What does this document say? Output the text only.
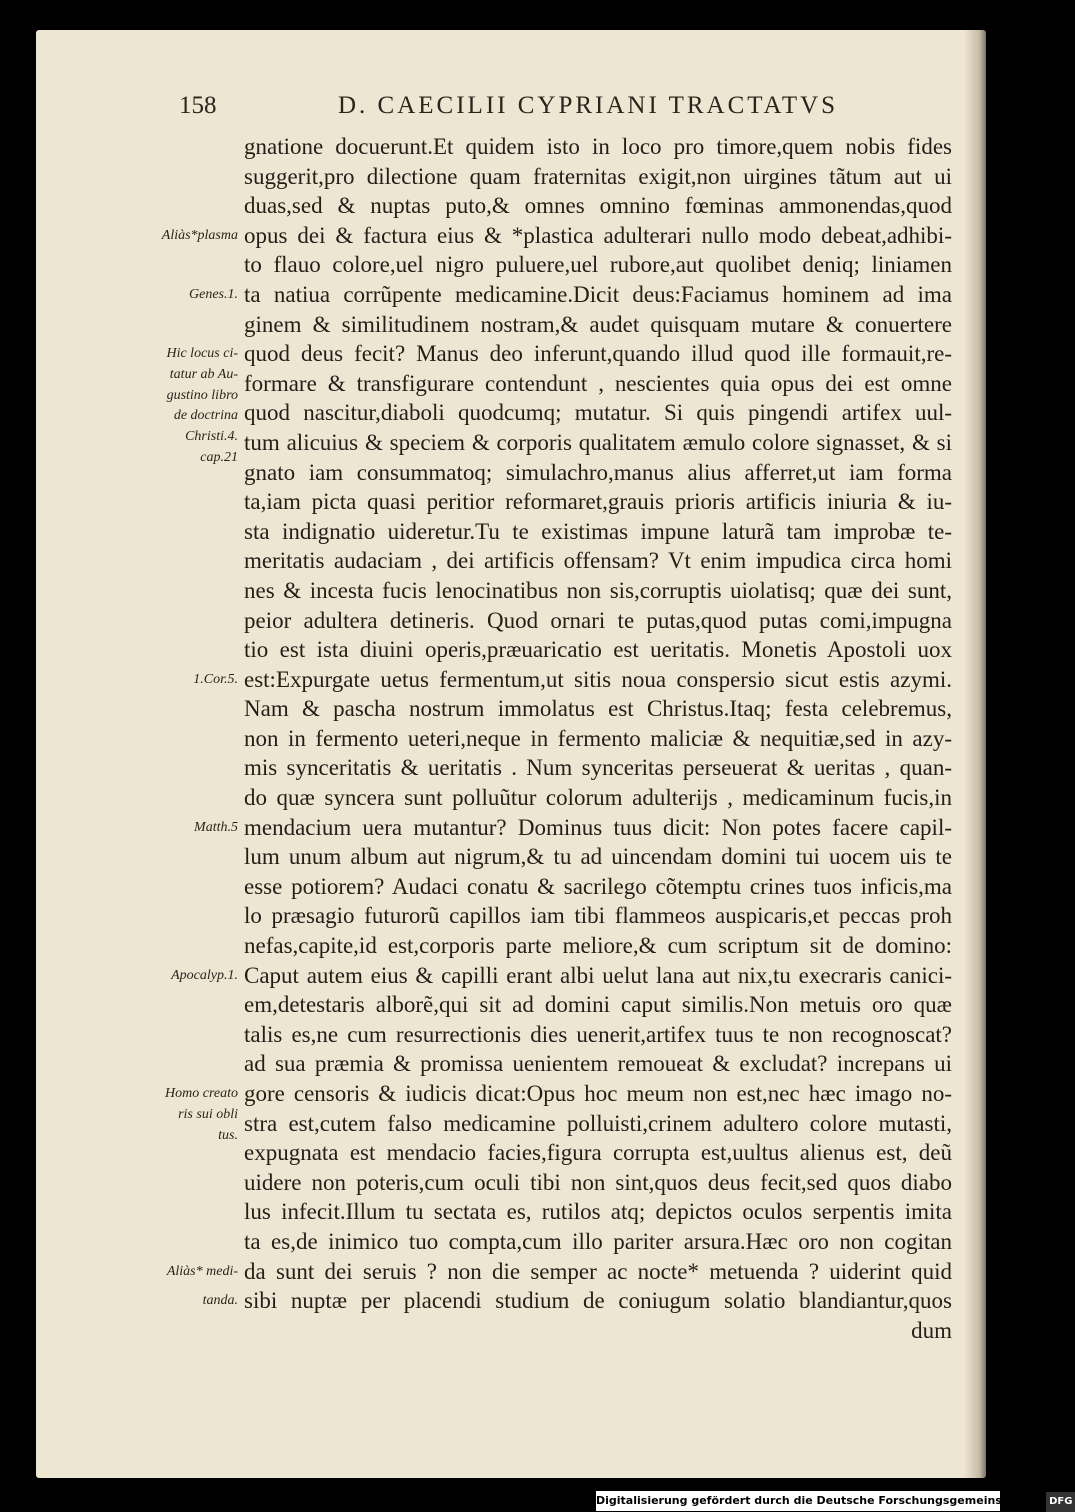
158	D. CAECILII CYPRIANI TRACTATVS
Aliàs*plasma
Genes.1.
Hic locus ci-
tatur ab Au-
gustino libro
de doctrina
Christi.4.
cap.21
1.Cor.5.
Matth.5
Apocalyp.1.
Homo creato
ris sui obli
tus.
Aliàs* medi-
tanda.
gnatione docuerunt.Et quidem isto in loco pro timore,quem nobis fides
suggerit,pro dilectione quam fraternitas exigit,non uirgines tãtum aut ui
duas,sed & nuptas puto,& omnes omnino fœminas ammonendas,quod
opus dei & factura eius & *plastica adulterari nullo modo debeat,adhibi-
to flauo colore,uel nigro puluere,uel rubore,aut quolibet deniq; liniamen
ta natiua corrũpente medicamine.Dicit deus:Faciamus hominem ad ima
ginem & similitudinem nostram,& audet quisquam mutare & conuertere
quod deus fecit? Manus deo inferunt,quando illud quod ille formauit,re-
formare & transfigurare contendunt , nescientes quia opus dei est omne
quod nascitur,diaboli quodcumq; mutatur. Si quis pingendi artifex uul-
tum alicuius & speciem & corporis qualitatem æmulo colore signasset, & si
gnato iam consummatoq; simulachro,manus alius afferret,ut iam forma
ta,iam picta quasi peritior reformaret,grauis prioris artificis iniuria & iu-
sta indignatio uideretur.Tu te existimas impune laturã tam improbæ te-
meritatis audaciam , dei artificis offensam? Vt enim impudica circa homi
nes & incesta fucis lenocinatibus non sis,corruptis uiolatisq; quæ dei sunt,
peior adultera detineris. Quod ornari te putas,quod putas comi,impugna
tio est ista diuini operis,præuaricatio est ueritatis. Monetis Apostoli uox
est:Expurgate uetus fermentum,ut sitis noua conspersio sicut estis azymi.
Nam & pascha nostrum immolatus est Christus.Itaq; festa celebremus,
non in fermento ueteri,neque in fermento maliciæ & nequitiæ,sed in azy-
mis synceritatis & ueritatis . Num synceritas perseuerat & ueritas , quan-
do quæ syncera sunt polluũtur colorum adulterijs , medicaminum fucis,in
mendacium uera mutantur? Dominus tuus dicit: Non potes facere capil-
lum unum album aut nigrum,& tu ad uincendam domini tui uocem uis te
esse potiorem? Audaci conatu & sacrilego cõtemptu crines tuos inficis,ma
lo præsagio futurorũ capillos iam tibi flammeos auspicaris,et peccas proh
nefas,capite,id est,corporis parte meliore,& cum scriptum sit de domino:
Caput autem eius & capilli erant albi uelut lana aut nix,tu execraris canici-
em,detestaris alborẽ,qui sit ad domini caput similis.Non metuis oro quæ
talis es,ne cum resurrectionis dies uenerit,artifex tuus te non recognoscat?
ad sua præmia & promissa uenientem remoueat & excludat? increpans ui
gore censoris & iudicis dicat:Opus hoc meum non est,nec hæc imago no-
stra est,cutem falso medicamine polluisti,crinem adultero colore mutasti,
expugnata est mendacio facies,figura corrupta est,uultus alienus est, deũ
uidere non poteris,cum oculi tibi non sint,quos deus fecit,sed quos diabo
lus infecit.Illum tu sectata es, rutilos atq; depictos oculos serpentis imita
ta es,de inimico tuo compta,cum illo pariter arsura.Hæc oro non cogitan
da sunt dei seruis ? non die semper ac nocte* metuenda ? uiderint quid
sibi nuptæ per placendi studium de coniugum solatio blandiantur,quos
dum
Digitalisierung gefördert durch die Deutsche Forschungsgemeinschaft - DFG
